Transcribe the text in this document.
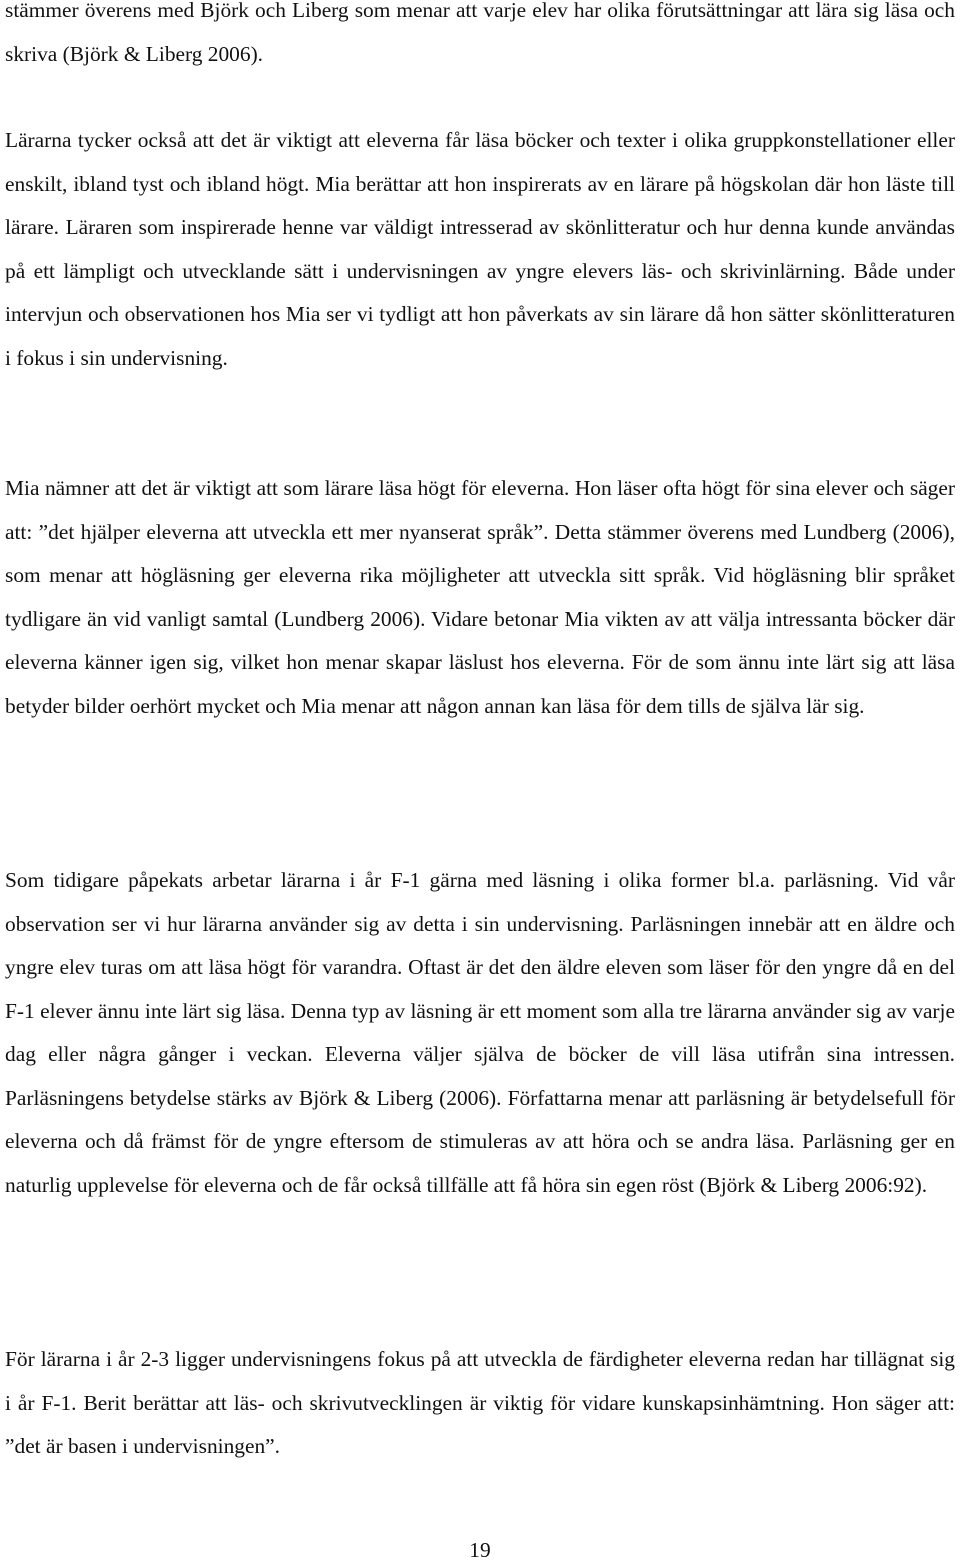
stämmer överens med Björk och Liberg som menar att varje elev har olika förutsättningar att lära sig läsa och skriva (Björk & Liberg 2006).

Lärarna tycker också att det är viktigt att eleverna får läsa böcker och texter i olika gruppkonstellationer eller enskilt, ibland tyst och ibland högt. Mia berättar att hon inspirerats av en lärare på högskolan där hon läste till lärare. Läraren som inspirerade henne var väldigt intresserad av skönlitteratur och hur denna kunde användas på ett lämpligt och utvecklande sätt i undervisningen av yngre elevers läs- och skrivinlärning. Både under intervjun och observationen hos Mia ser vi tydligt att hon påverkats av sin lärare då hon sätter skönlitteraturen i fokus i sin undervisning.

Mia nämner att det är viktigt att som lärare läsa högt för eleverna. Hon läser ofta högt för sina elever och säger att: ”det hjälper eleverna att utveckla ett mer nyanserat språk”. Detta stämmer överens med Lundberg (2006), som menar att högläsning ger eleverna rika möjligheter att utveckla sitt språk. Vid högläsning blir språket tydligare än vid vanligt samtal (Lundberg 2006). Vidare betonar Mia vikten av att välja intressanta böcker där eleverna känner igen sig, vilket hon menar skapar läslust hos eleverna. För de som ännu inte lärt sig att läsa betyder bilder oerhört mycket och Mia menar att någon annan kan läsa för dem tills de själva lär sig.

Som tidigare påpekats arbetar lärarna i år F-1 gärna med läsning i olika former bl.a. parläsning. Vid vår observation ser vi hur lärarna använder sig av detta i sin undervisning. Parläsningen innebär att en äldre och yngre elev turas om att läsa högt för varandra. Oftast är det den äldre eleven som läser för den yngre då en del F-1 elever ännu inte lärt sig läsa. Denna typ av läsning är ett moment som alla tre lärarna använder sig av varje dag eller några gånger i veckan. Eleverna väljer själva de böcker de vill läsa utifrån sina intressen. Parläsningens betydelse stärks av Björk & Liberg (2006). Författarna menar att parläsning är betydelsefull för eleverna och då främst för de yngre eftersom de stimuleras av att höra och se andra läsa. Parläsning ger en naturlig upplevelse för eleverna och de får också tillfälle att få höra sin egen röst (Björk & Liberg 2006:92).

För lärarna i år 2-3 ligger undervisningens fokus på att utveckla de färdigheter eleverna redan har tillägnat sig i år F-1. Berit berättar att läs- och skrivutvecklingen är viktig för vidare kunskapsinhämtning. Hon säger att: ”det är basen i undervisningen”.

19
